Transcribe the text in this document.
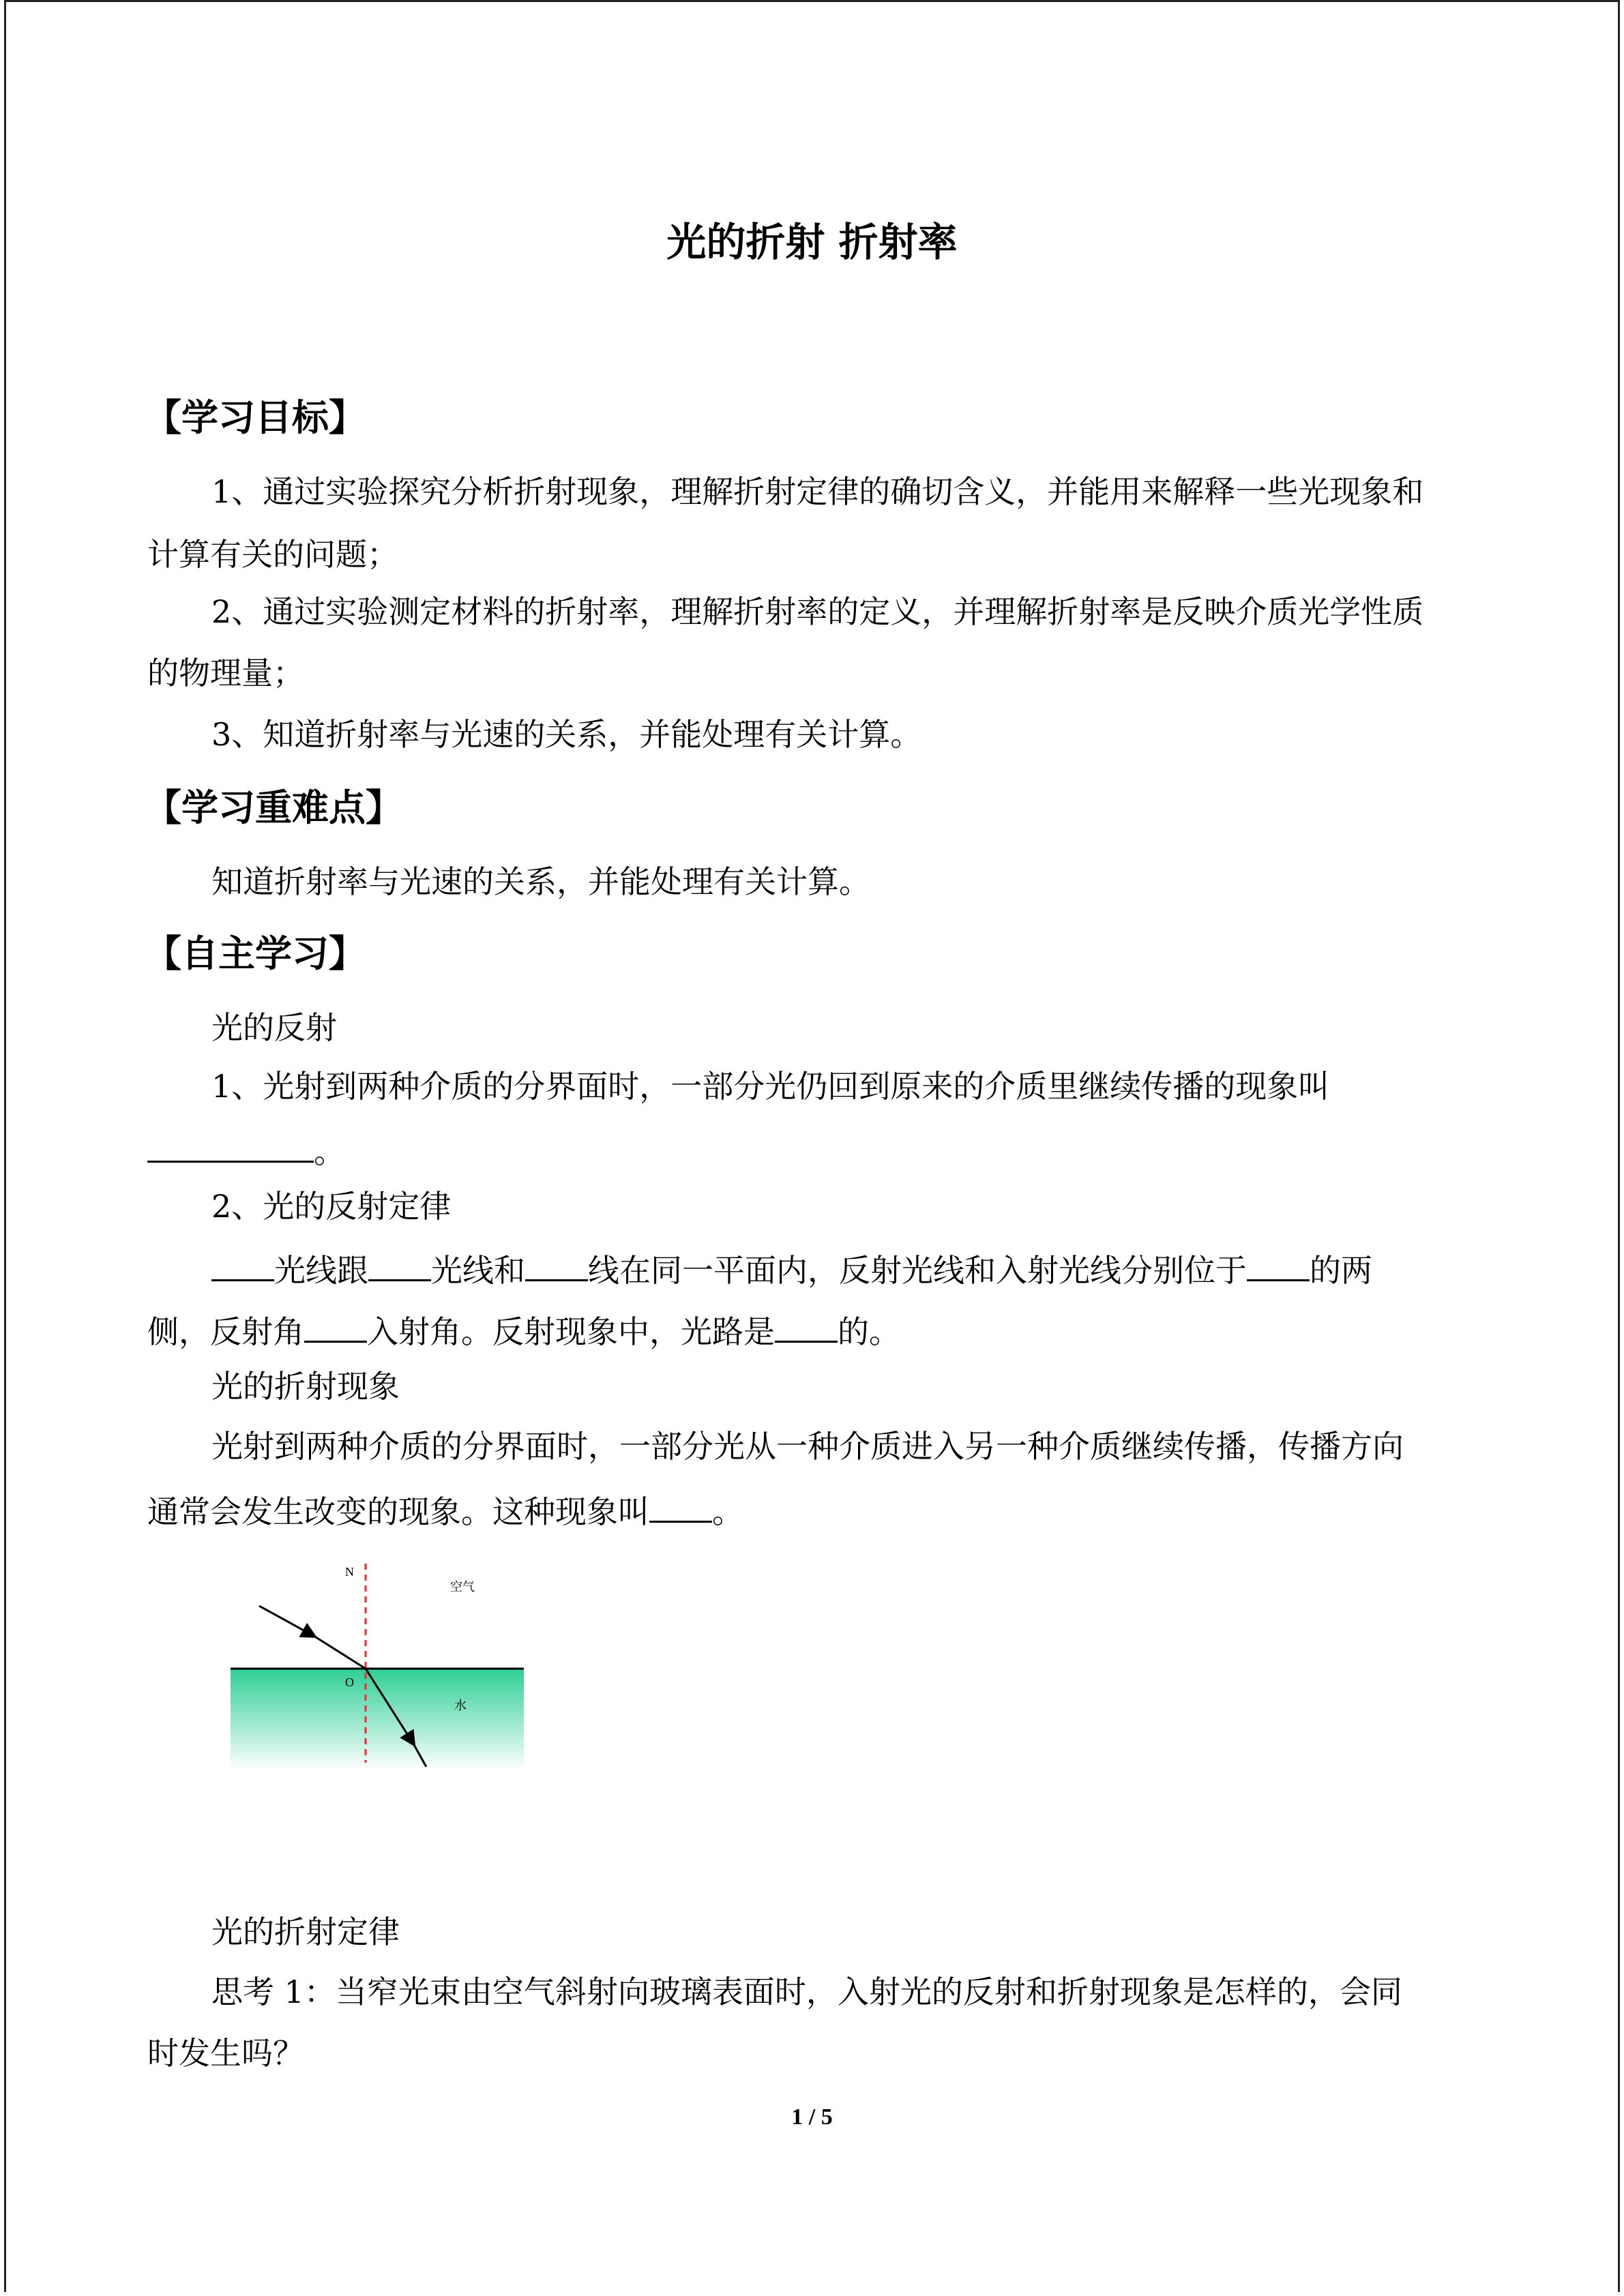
光的折射 折射率
【学习目标】
1、通过实验探究分析折射现象，理解折射定律的确切含义，并能用来解释一些光现象和
计算有关的问题；
2、通过实验测定材料的折射率，理解折射率的定义，并理解折射率是反映介质光学性质
的物理量；
3、知道折射率与光速的关系，并能处理有关计算。
【学习重难点】
知道折射率与光速的关系，并能处理有关计算。
【自主学习】
光的反射
1、光射到两种介质的分界面时，一部分光仍回到原来的介质里继续传播的现象叫
。
2、光的反射定律
光线跟 光线和 线在同一平面内，反射光线和入射光线分别位于 的两
侧，反射角 入射角。反射现象中，光路是 的。
光的折射现象
光射到两种介质的分界面时，一部分光从一种介质进入另一种介质继续传播，传播方向
通常会发生改变的现象。这种现象叫 。
N
O
空气
水
光的折射定律
思考 1：当窄光束由空气斜射向玻璃表面时，入射光的反射和折射现象是怎样的，会同
时发生吗？
1 / 5
